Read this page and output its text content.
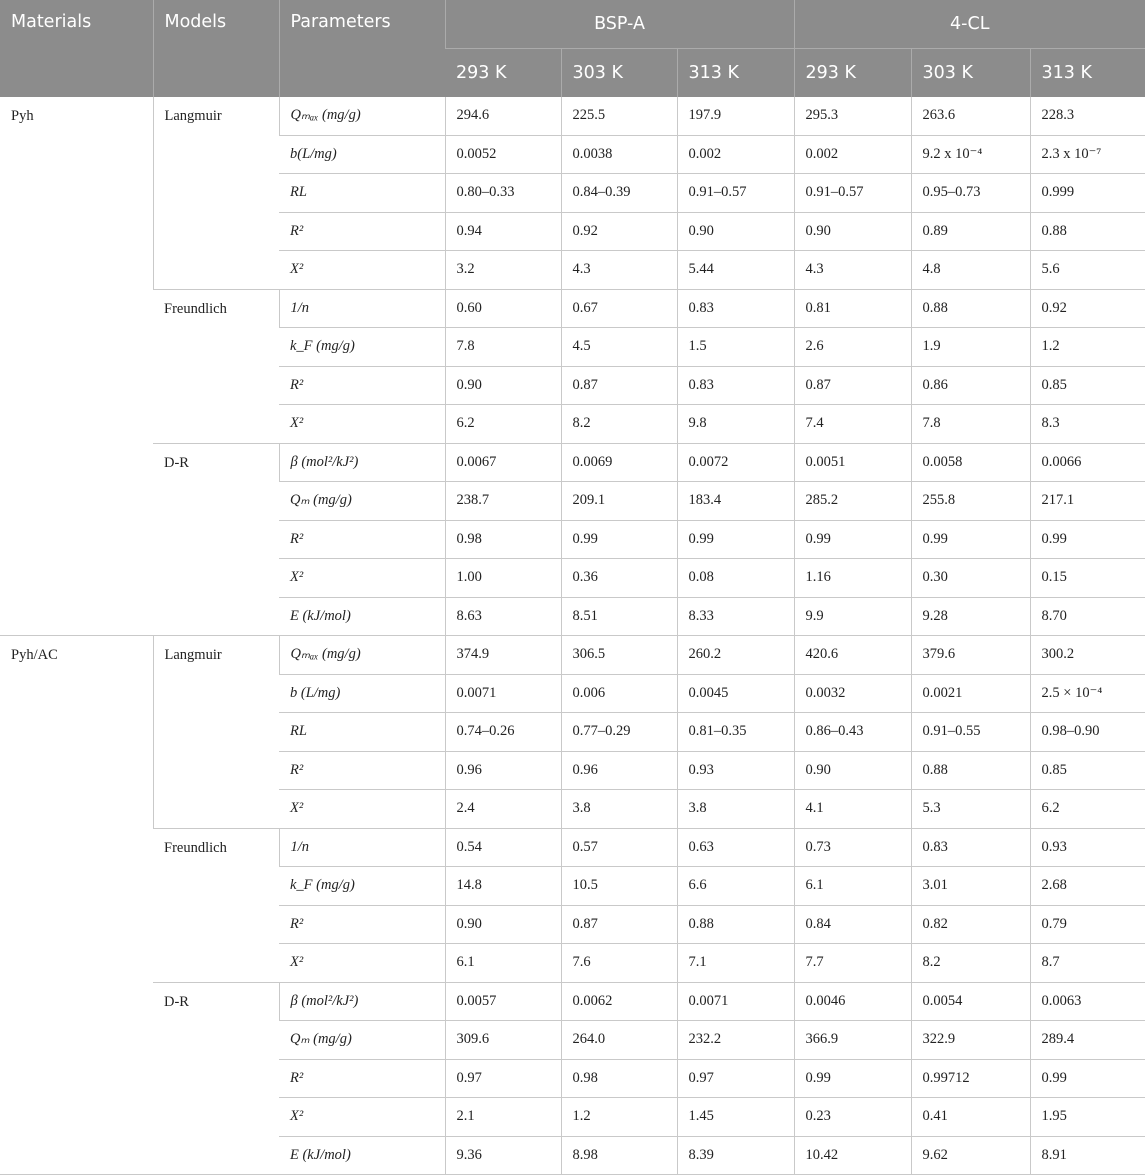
Materials	Models	Parameters	BSP-A			4-CL		
			293 K	303 K	313 K	293 K	303 K	313 K
Pyh	Langmuir	Qₘₐₓ (mg/g)	294.6	225.5	197.9	295.3	263.6	228.3
		b(L/mg)	0.0052	0.0038	0.002	0.002	9.2 x 10⁻⁴	2.3 x 10⁻⁷
		RL	0.80–0.33	0.84–0.39	0.91–0.57	0.91–0.57	0.95–0.73	0.999
		R²	0.94	0.92	0.90	0.90	0.89	0.88
		X²	3.2	4.3	5.44	4.3	4.8	5.6
	Freundlich	1/n	0.60	0.67	0.83	0.81	0.88	0.92
		k_F (mg/g)	7.8	4.5	1.5	2.6	1.9	1.2
		R²	0.90	0.87	0.83	0.87	0.86	0.85
		X²	6.2	8.2	9.8	7.4	7.8	8.3
	D-R	β (mol²/kJ²)	0.0067	0.0069	0.0072	0.0051	0.0058	0.0066
		Qₘ (mg/g)	238.7	209.1	183.4	285.2	255.8	217.1
		R²	0.98	0.99	0.99	0.99	0.99	0.99
		X²	1.00	0.36	0.08	1.16	0.30	0.15
		E (kJ/mol)	8.63	8.51	8.33	9.9	9.28	8.70
Pyh/AC	Langmuir	Qₘₐₓ (mg/g)	374.9	306.5	260.2	420.6	379.6	300.2
		b (L/mg)	0.0071	0.006	0.0045	0.0032	0.0021	2.5 × 10⁻⁴
		RL	0.74–0.26	0.77–0.29	0.81–0.35	0.86–0.43	0.91–0.55	0.98–0.90
		R²	0.96	0.96	0.93	0.90	0.88	0.85
		X²	2.4	3.8	3.8	4.1	5.3	6.2
	Freundlich	1/n	0.54	0.57	0.63	0.73	0.83	0.93
		k_F (mg/g)	14.8	10.5	6.6	6.1	3.01	2.68
		R²	0.90	0.87	0.88	0.84	0.82	0.79
		X²	6.1	7.6	7.1	7.7	8.2	8.7
	D-R	β (mol²/kJ²)	0.0057	0.0062	0.0071	0.0046	0.0054	0.0063
		Qₘ (mg/g)	309.6	264.0	232.2	366.9	322.9	289.4
		R²	0.97	0.98	0.97	0.99	0.99712	0.99
		X²	2.1	1.2	1.45	0.23	0.41	1.95
		E (kJ/mol)	9.36	8.98	8.39	10.42	9.62	8.91
